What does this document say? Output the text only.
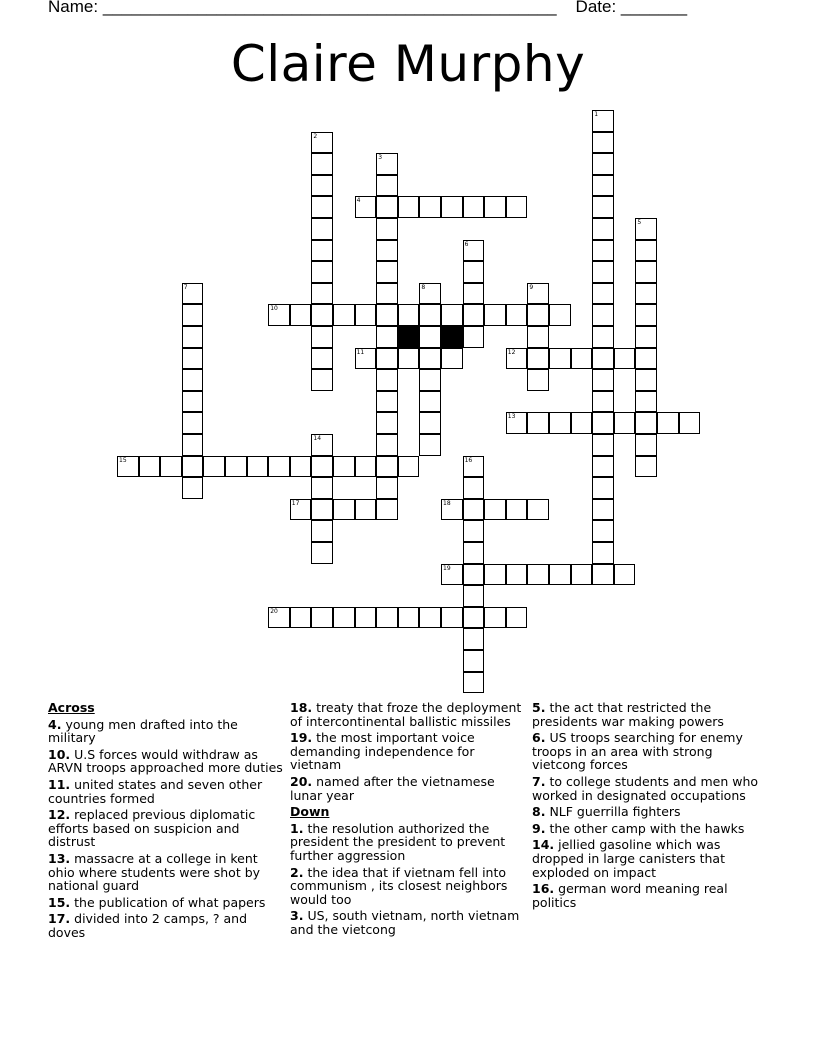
Name: ________________________________________________ Date: _______
Claire Murphy
1
2
3
4
5
6
7	8	9
10
11	12
13
14
15	16
17	18
19
20
Across
4. young men drafted into the military
10. U.S forces would withdraw as ARVN troops approached more duties
11. united states and seven other countries formed
12. replaced previous diplomatic efforts based on suspicion and distrust
13. massacre at a college in kent ohio where students were shot by national guard
15. the publication of what papers
17. divided into 2 camps, ? and doves
18. treaty that froze the deployment of intercontinental ballistic missiles
19. the most important voice demanding independence for vietnam
20. named after the vietnamese lunar year
Down
1. the resolution authorized the president the president to prevent further aggression
2. the idea that if vietnam fell into communism , its closest neighbors would too
3. US, south vietnam, north vietnam and the vietcong
5. the act that restricted the presidents war making powers
6. US troops searching for enemy troops in an area with strong vietcong forces
7. to college students and men who worked in designated occupations
8. NLF guerrilla fighters
9. the other camp with the hawks
14. jellied gasoline which was dropped in large canisters that exploded on impact
16. german word meaning real politics
